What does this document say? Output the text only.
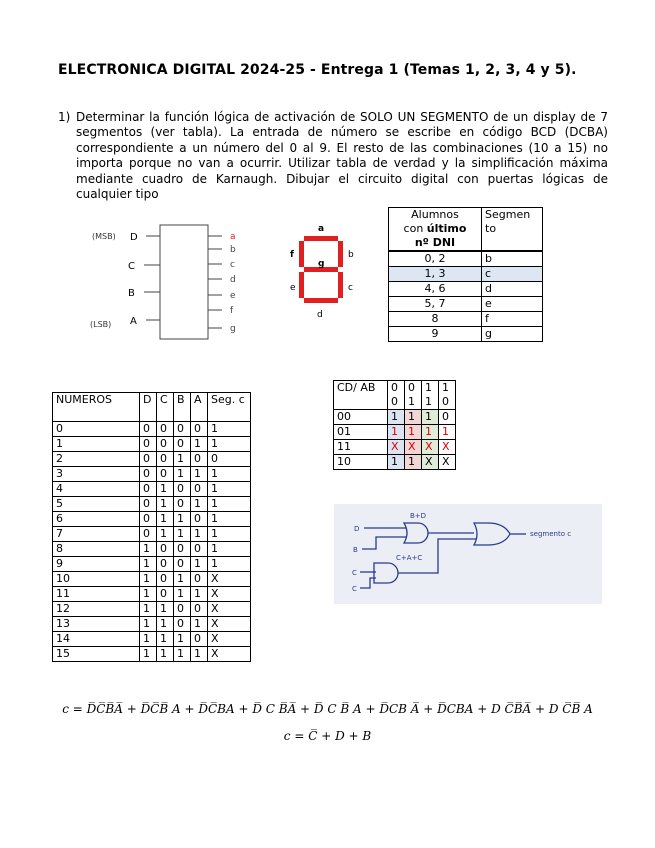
ELECTRONICA DIGITAL 2024-25 - Entrega 1 (Temas 1, 2, 3, 4 y 5).
1) Determinar la función lógica de activación de SOLO UN SEGMENTO de un display de 7 segmentos (ver tabla). La entrada de número se escribe en código BCD (DCBA) correspondiente a un número del 0 al 9. El resto de las combinaciones (10 a 15) no importa porque no van a ocurrir. Utilizar tabla de verdad y la simplificación máxima mediante cuadro de Karnaugh. Dibujar el circuito digital con puertas lógicas de cualquier tipo
(MSB)
(LSB)
D
C
B
A
a
b
c
d
e
f
g
a
b
c
d
e
f
g
Alumnos
con último
nº DNI	Segmen
to
0, 2	b
1, 3	c
4, 6	d
5, 7	e
8	f
9	g
NUMEROS	D	C	B	A	Seg. c
0	0	0	0	0	1
1	0	0	0	1	1
2	0	0	1	0	0
3	0	0	1	1	1
4	0	1	0	0	1
5	0	1	0	1	1
6	0	1	1	0	1
7	0	1	1	1	1
8	1	0	0	0	1
9	1	0	0	1	1
10	1	0	1	0	X
11	1	0	1	1	X
12	1	1	0	0	X
13	1	1	0	1	X
14	1	1	1	0	X
15	1	1	1	1	X
CD/ AB	0 0	0 1	1 1	1 0
00	1	1	1	0
01	1	1	1	1
11	X	X	X	X
10	1	1	X	X
B+D
C+A+C
segmento c
D
B
C
C
c = D̅C̅B̅A̅ + D̅C̅B̅ A + D̅C̅BA + D̅ C B̅A̅ + D̅ C B̅ A + D̅CB A̅ + D̅CBA + D C̅B̅A̅ + D C̅B̅ A
c = C̅ + D + B
